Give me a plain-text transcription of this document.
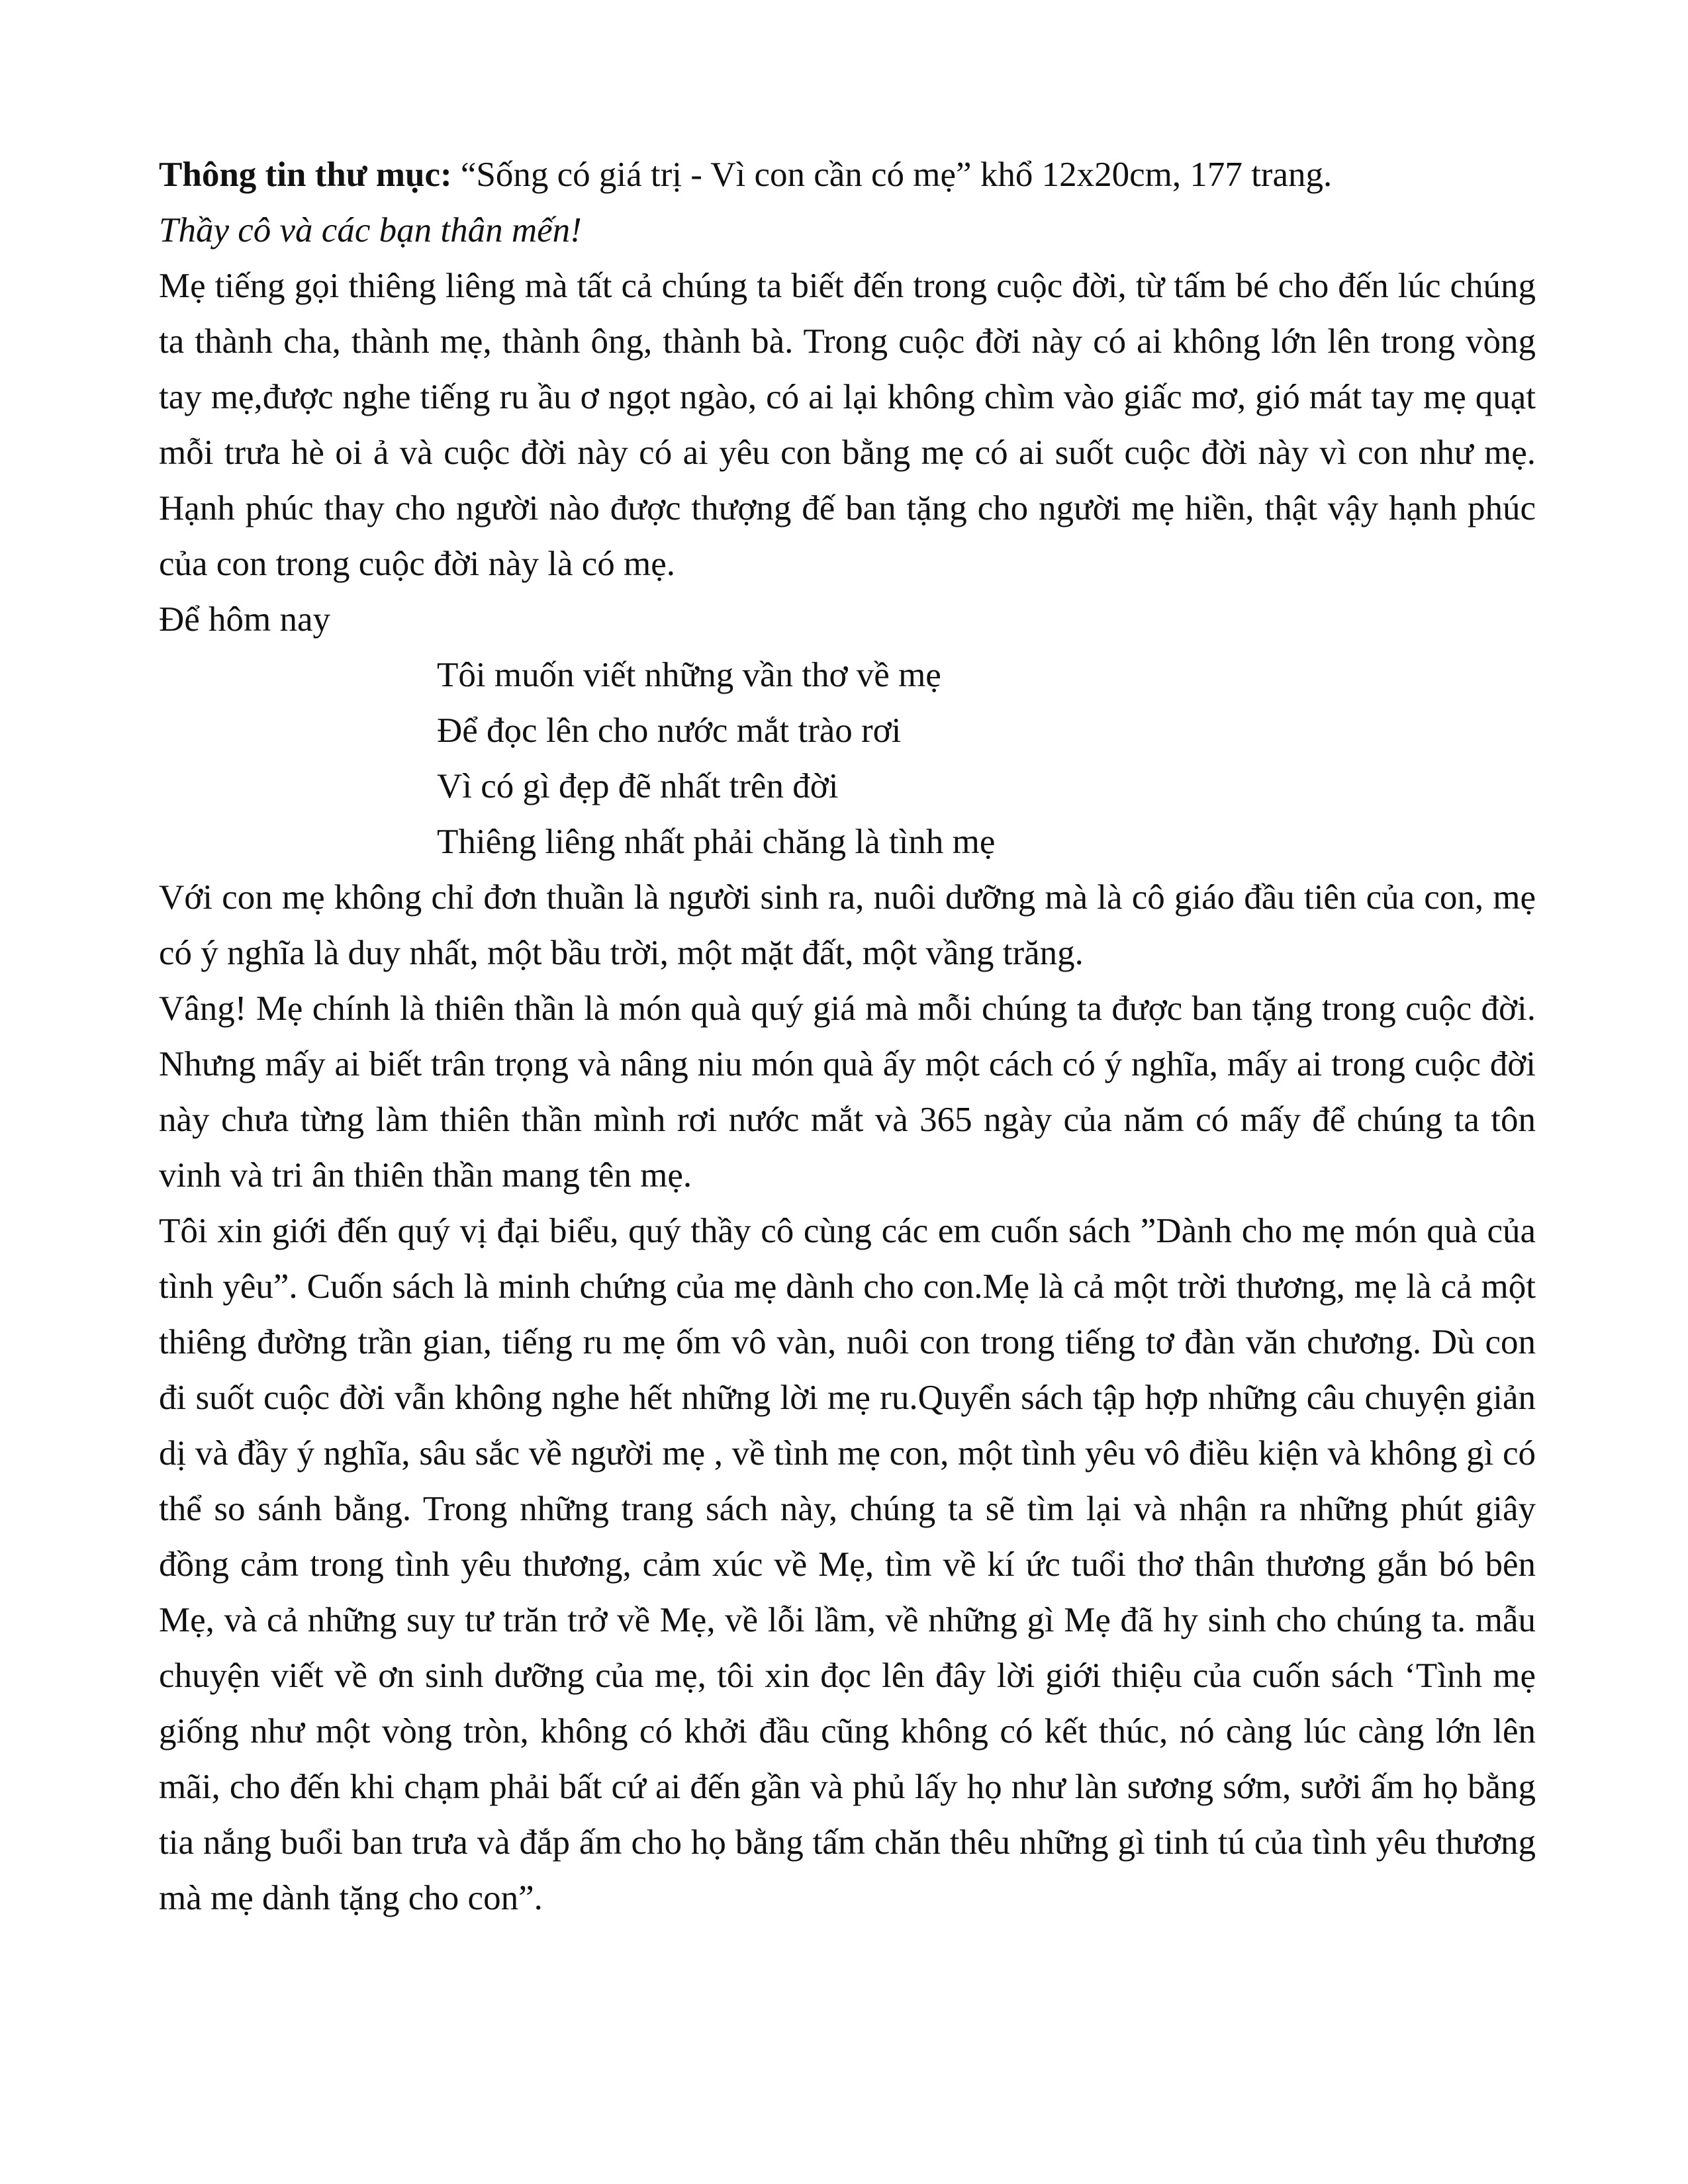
Thông tin thư mục: “Sống có giá trị - Vì con cần có mẹ” khổ 12x20cm, 177 trang.

Thầy cô và các bạn thân mến!

Mẹ tiếng gọi thiêng liêng mà tất cả chúng ta biết đến trong cuộc đời, từ tấm bé cho đến lúc chúng ta thành cha, thành mẹ, thành ông, thành bà. Trong cuộc đời này có ai không lớn lên trong vòng tay mẹ,được nghe tiếng ru ầu ơ ngọt ngào, có ai lại không chìm vào giấc mơ, gió mát tay mẹ quạt mỗi trưa hè oi ả và cuộc đời này có ai yêu con bằng mẹ có ai suốt cuộc đời này vì con như mẹ. Hạnh phúc thay cho người nào được thượng đế ban tặng cho người mẹ hiền, thật vậy hạnh phúc của con trong cuộc đời này là có mẹ.

Để hôm nay

Tôi muốn viết những vần thơ về mẹ
Để đọc lên cho nước mắt trào rơi
Vì có gì đẹp đẽ nhất trên đời
Thiêng liêng nhất phải chăng là tình mẹ

Với con mẹ không chỉ đơn thuần là người sinh ra, nuôi dưỡng mà là cô giáo đầu tiên của con, mẹ có ý nghĩa là duy nhất, một bầu trời, một mặt đất, một vầng trăng.

Vâng! Mẹ chính là thiên thần là món quà quý giá mà mỗi chúng ta được ban tặng trong cuộc đời. Nhưng mấy ai biết trân trọng và nâng niu món quà ấy một cách có ý nghĩa, mấy ai trong cuộc đời này chưa từng làm thiên thần mình rơi nước mắt và 365 ngày của năm có mấy để chúng ta tôn vinh và tri ân thiên thần mang tên mẹ.

Tôi xin giới đến quý vị đại biểu, quý thầy cô cùng các em cuốn sách ”Dành cho mẹ món quà của tình yêu”. Cuốn sách là minh chứng của mẹ dành cho con.Mẹ là cả một trời thương, mẹ là cả một thiêng đường trần gian, tiếng ru mẹ ốm vô vàn, nuôi con trong tiếng tơ đàn văn chương. Dù con đi suốt cuộc đời vẫn không nghe hết những lời mẹ ru.Quyển sách tập hợp những câu chuyện giản dị và đầy ý nghĩa, sâu sắc về người mẹ , về tình mẹ con, một tình yêu vô điều kiện và không gì có thể so sánh bằng. Trong những trang sách này, chúng ta sẽ tìm lại và nhận ra những phút giây đồng cảm trong tình yêu thương, cảm xúc về Mẹ, tìm về kí ức tuổi thơ thân thương gắn bó bên Mẹ, và cả những suy tư trăn trở về Mẹ, về lỗi lầm, về những gì Mẹ đã hy sinh cho chúng ta. mẫu chuyện viết về ơn sinh dưỡng của mẹ, tôi xin đọc lên đây lời giới thiệu của cuốn sách ‘Tình mẹ giống như một vòng tròn, không có khởi đầu cũng không có kết thúc, nó càng lúc càng lớn lên mãi, cho đến khi chạm phải bất cứ ai đến gần và phủ lấy họ như làn sương sớm, sưởi ấm họ bằng tia nắng buổi ban trưa và đắp ấm cho họ bằng tấm chăn thêu những gì tinh tú của tình yêu thương mà mẹ dành tặng cho con”.
